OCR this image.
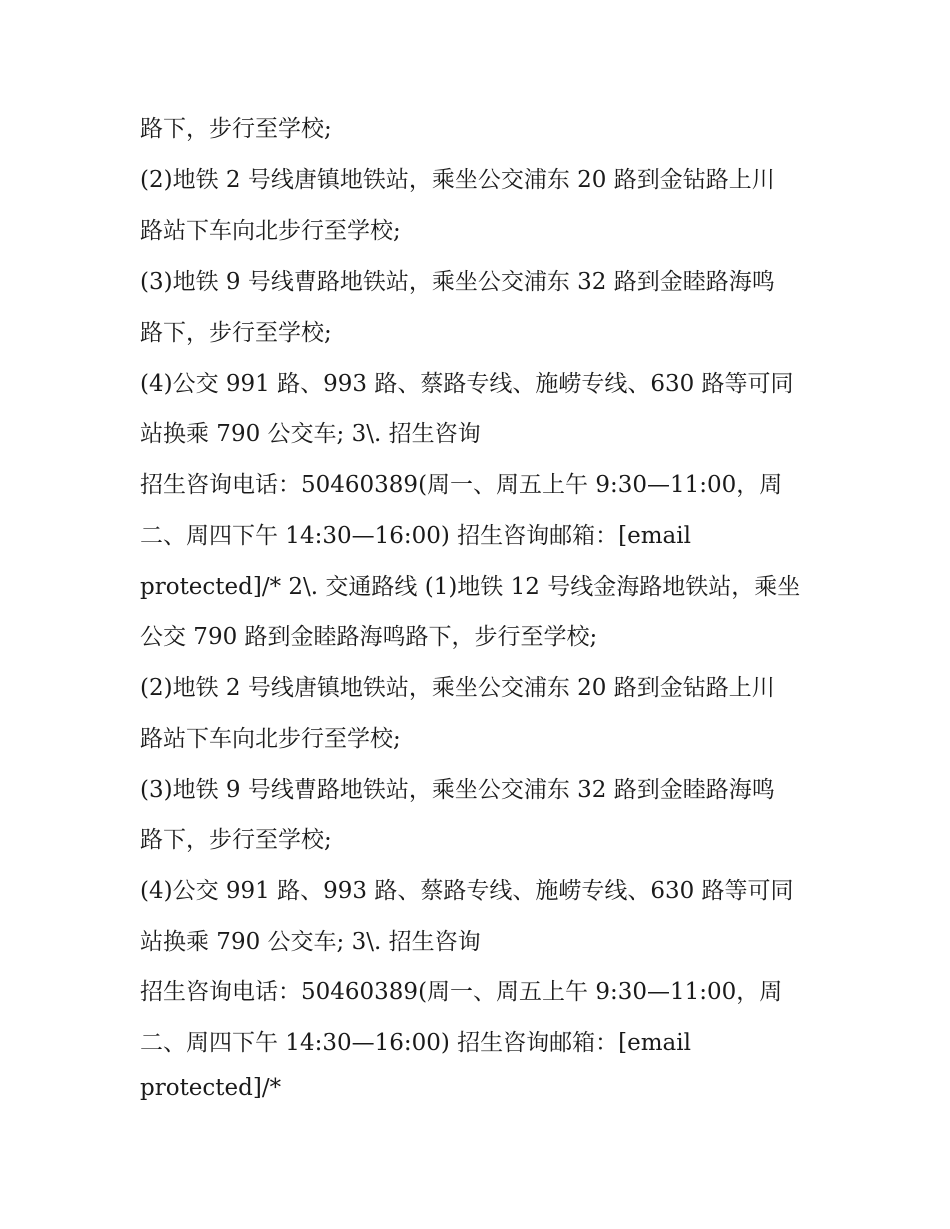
路下，步行至学校;

(2)地铁 2 号线唐镇地铁站，乘坐公交浦东 20 路到金钻路上川

路站下车向北步行至学校;

(3)地铁 9 号线曹路地铁站，乘坐公交浦东 32 路到金睦路海鸣

路下，步行至学校;

(4)公交 991 路、993 路、蔡路专线、施崂专线、630 路等可同

站换乘 790 公交车; 3\. 招生咨询

招生咨询电话：50460389(周一、周五上午 9:30—11:00，周

二、周四下午 14:30—16:00) 招生咨询邮箱：[email

protected]/* 2\. 交通路线 (1)地铁 12 号线金海路地铁站，乘坐

公交 790 路到金睦路海鸣路下，步行至学校;

(2)地铁 2 号线唐镇地铁站，乘坐公交浦东 20 路到金钻路上川

路站下车向北步行至学校;

(3)地铁 9 号线曹路地铁站，乘坐公交浦东 32 路到金睦路海鸣

路下，步行至学校;

(4)公交 991 路、993 路、蔡路专线、施崂专线、630 路等可同

站换乘 790 公交车; 3\. 招生咨询

招生咨询电话：50460389(周一、周五上午 9:30—11:00，周

二、周四下午 14:30—16:00) 招生咨询邮箱：[email

protected]/*
